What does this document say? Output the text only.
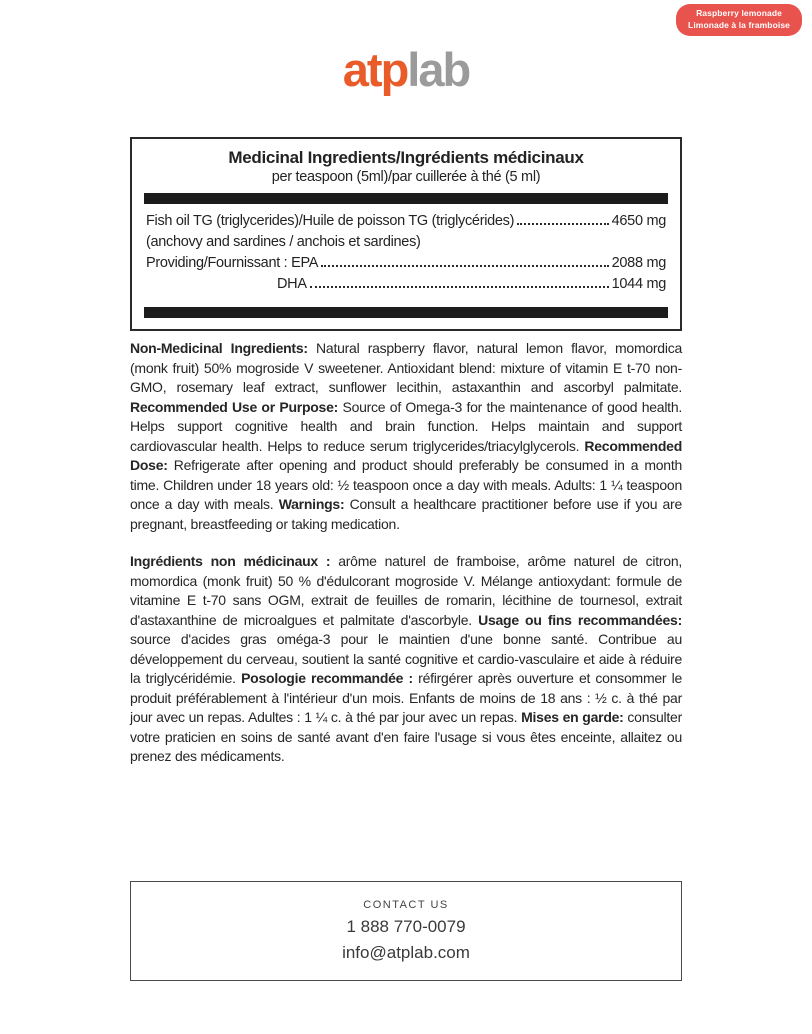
Raspberry lemonade
Limonade à la framboise
atplab
Medicinal Ingredients/Ingrédients médicinaux
per teaspoon (5ml)/par cuillerée à thé (5 ml)
Fish oil TG (triglycerides)/Huile de poisson TG (triglycérides)	4650 mg
(anchovy and sardines / anchois et sardines)
Providing/Fournissant : EPA	2088 mg
DHA	1044 mg

Non-Medicinal Ingredients: Natural raspberry flavor, natural lemon flavor, momordica (monk fruit) 50% mogroside V sweetener. Antioxidant blend: mixture of vitamin E t-70 non-GMO, rosemary leaf extract, sunflower lecithin, astaxanthin and ascorbyl palmitate. Recommended Use or Purpose: Source of Omega-3 for the maintenance of good health. Helps support cognitive health and brain function. Helps maintain and support cardiovascular health. Helps to reduce serum triglycerides/triacylglycerols. Recommended Dose: Refrigerate after opening and product should preferably be consumed in a month time. Children under 18 years old: ½ teaspoon once a day with meals. Adults: 1 ¼ teaspoon once a day with meals. Warnings: Consult a healthcare practitioner before use if you are pregnant, breastfeeding or taking medication.

Ingrédients non médicinaux : arôme naturel de framboise, arôme naturel de citron, momordica (monk fruit) 50 % d'édulcorant mogroside V. Mélange antioxydant: formule de vitamine E t-70 sans OGM, extrait de feuilles de romarin, lécithine de tournesol, extrait d'astaxanthine de microalgues et palmitate d'ascorbyle. Usage ou fins recommandées: source d'acides gras oméga-3 pour le maintien d'une bonne santé. Contribue au développement du cerveau, soutient la santé cognitive et cardio-vasculaire et aide à réduire la triglycéridémie. Posologie recommandée : réfirgérer après ouverture et consommer le produit préférablement à l'intérieur d'un mois. Enfants de moins de 18 ans : ½ c. à thé par jour avec un repas. Adultes : 1 ¼ c. à thé par jour avec un repas. Mises en garde: consulter votre praticien en soins de santé avant d'en faire l'usage si vous êtes enceinte, allaitez ou prenez des médicaments.

CONTACT US
1 888 770-0079
info@atplab.com
